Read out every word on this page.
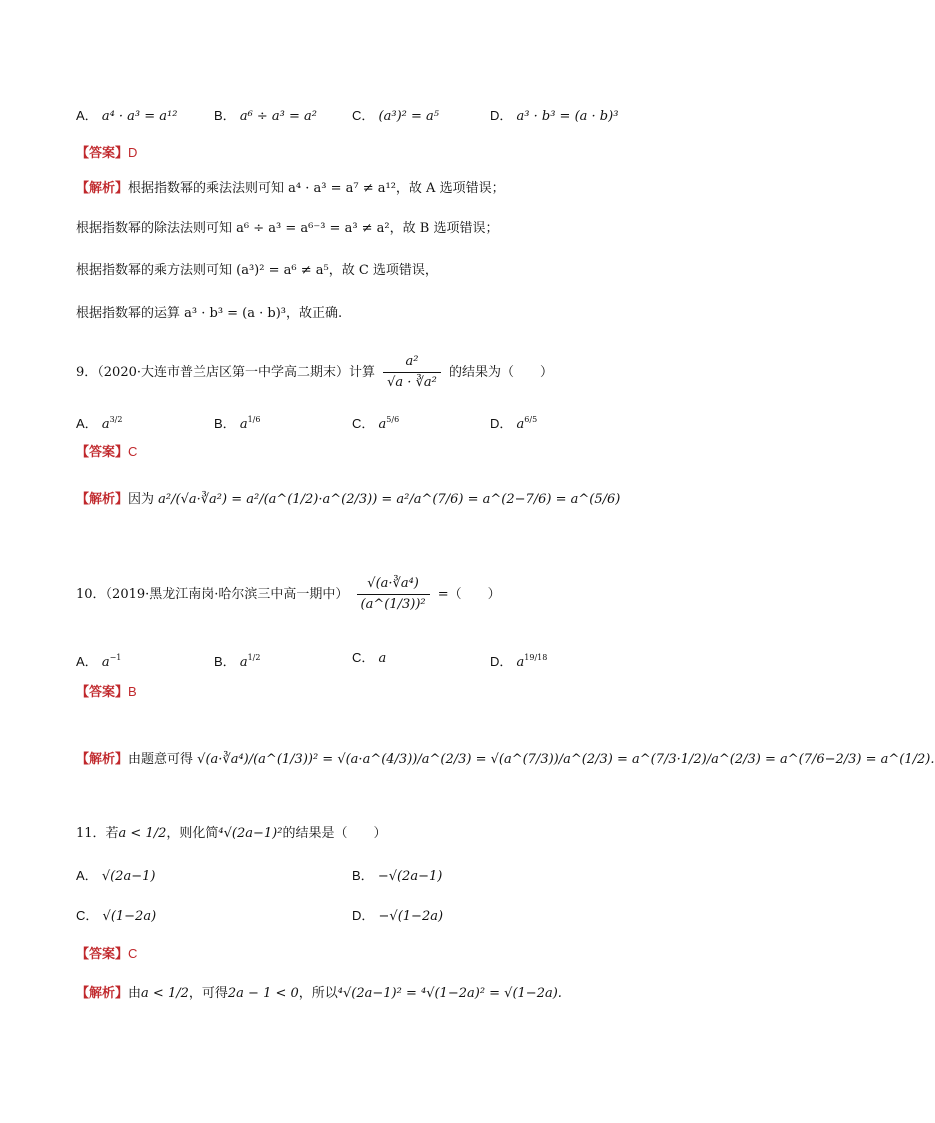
A． a⁴ · a³ = a¹²	B． a⁶ ÷ a³ = a²	C． (a³)² = a⁵	D． a³ · b³ = (a · b)³
【答案】D
【解析】根据指数幂的乘法法则可知 a⁴ · a³ = a⁷ ≠ a¹²，故 A 选项错误；
根据指数幂的除法法则可知 a⁶ ÷ a³ = a⁶⁻³ = a³ ≠ a²，故 B 选项错误；
根据指数幂的乘方法则可知 (a³)² = a⁶ ≠ a⁵，故 C 选项错误，
根据指数幂的运算 a³ · b³ = (a · b)³，故正确.
9．（2020·大连市普兰店区第一中学高二期末）计算 $\frac{\text{a²}}{\text{√a · ∛a²}}$ 的结果为（　　）
A． $a^{3/2}$	B． $a^{1/6}$	C． $a^{5/6}$	D． $a^{6/5}$
【答案】C
【解析】因为 a²/(√a·∛a²) = a²/(a^(1/2)·a^(2/3)) = a²/a^(7/6) = a^(2−7/6) = a^(5/6)
10．（2019·黑龙江南岗·哈尔滨三中高一期中） $\frac{\text{√(a·∛a⁴)}}{\text{(a\textasciicircum{}(1/3))²}}$ =（　　）
A． $a^{-1}$	B． $a^{1/2}$	C． a	D． $a^{19/18}$
【答案】B
【解析】由题意可得 √(a·∛a⁴)/(a^(1/3))² = √(a·a^(4/3))/a^(2/3) = √(a^(7/3))/a^(2/3) = a^(7/3·1/2)/a^(2/3) = a^(7/6−2/3) = a^(1/2).
11．若a < 1/2，则化简⁴√(2a−1)²的结果是（　　）
A． √(2a−1)	B． −√(2a−1)
C． √(1−2a)	D． −√(1−2a)
【答案】C
【解析】由a < 1/2，可得2a − 1 < 0，所以⁴√(2a−1)² = ⁴√(1−2a)² = √(1−2a).
